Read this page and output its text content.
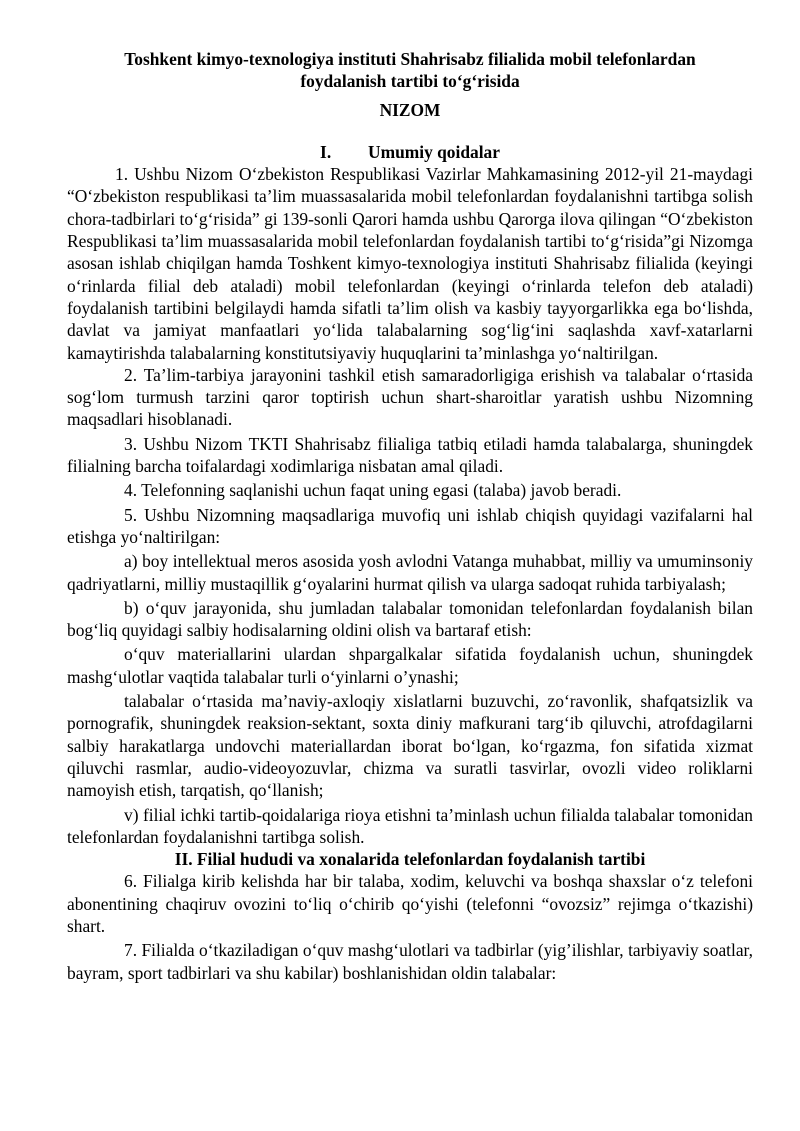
Toshkent kimyo-texnologiya instituti Shahrisabz filialida mobil telefonlardan foydalanish tartibi to‘g‘risida

NIZOM

I. Umumiy qoidalar

1. Ushbu Nizom O‘zbekiston Respublikasi Vazirlar Mahkamasining 2012-yil 21-maydagi “O‘zbekiston respublikasi ta’lim muassasalarida mobil telefonlardan foydalanishni tartibga solish chora-tadbirlari to‘g‘risida” gi 139-sonli Qarori hamda ushbu Qarorga ilova qilingan “O‘zbekiston Respublikasi ta’lim muassasalarida mobil telefonlardan foydalanish tartibi to‘g‘risida”gi Nizomga asosan ishlab chiqilgan hamda Toshkent kimyo-texnologiya instituti Shahrisabz filialida (keyingi o‘rinlarda filial deb ataladi) mobil telefonlardan (keyingi o‘rinlarda telefon deb ataladi) foydalanish tartibini belgilaydi hamda sifatli ta’lim olish va kasbiy tayyorgarlikka ega bo‘lishda, davlat va jamiyat manfaatlari yo‘lida talabalarning sog‘lig‘ini saqlashda xavf-xatarlarni kamaytirishda talabalarning konstitutsiyaviy huquqlarini ta’minlashga yo‘naltirilgan.

2. Ta’lim-tarbiya jarayonini tashkil etish samaradorligiga erishish va talabalar o‘rtasida sog‘lom turmush tarzini qaror toptirish uchun shart-sharoitlar yaratish ushbu Nizomning maqsadlari hisoblanadi.

3. Ushbu Nizom TKTI Shahrisabz filialiga tatbiq etiladi hamda talabalarga, shuningdek filialning barcha toifalardagi xodimlariga nisbatan amal qiladi.

4. Telefonning saqlanishi uchun faqat uning egasi (talaba) javob beradi.

5. Ushbu Nizomning maqsadlariga muvofiq uni ishlab chiqish quyidagi vazifalarni hal etishga yo‘naltirilgan:

a) boy intellektual meros asosida yosh avlodni Vatanga muhabbat, milliy va umuminsoniy qadriyatlarni, milliy mustaqillik g‘oyalarini hurmat qilish va ularga sadoqat ruhida tarbiyalash;

b) o‘quv jarayonida, shu jumladan talabalar tomonidan telefonlardan foydalanish bilan bog‘liq quyidagi salbiy hodisalarning oldini olish va bartaraf etish:

o‘quv materiallarini ulardan shpargalkalar sifatida foydalanish uchun, shuningdek mashg‘ulotlar vaqtida talabalar turli o‘yinlarni o’ynashi;

talabalar o‘rtasida ma’naviy-axloqiy xislatlarni buzuvchi, zo‘ravonlik, shafqatsizlik va pornografik, shuningdek reaksion-sektant, soxta diniy mafkurani targ‘ib qiluvchi, atrofdagilarni salbiy harakatlarga undovchi materiallardan iborat bo‘lgan, ko‘rgazma, fon sifatida xizmat qiluvchi rasmlar, audio-videoyozuvlar, chizma va suratli tasvirlar, ovozli video roliklarni namoyish etish, tarqatish, qo‘llanish;

v) filial ichki tartib-qoidalariga rioya etishni ta’minlash uchun filialda talabalar tomonidan telefonlardan foydalanishni tartibga solish.

II. Filial hududi va xonalarida telefonlardan foydalanish tartibi

6. Filialga kirib kelishda har bir talaba, xodim, keluvchi va boshqa shaxslar o‘z telefoni abonentining chaqiruv ovozini to‘liq o‘chirib qo‘yishi (telefonni “ovozsiz” rejimga o‘tkazishi) shart.

7. Filialda o‘tkaziladigan o‘quv mashg‘ulotlari va tadbirlar (yig’ilishlar, tarbiyaviy soatlar, bayram, sport tadbirlari va shu kabilar) boshlanishidan oldin talabalar:
